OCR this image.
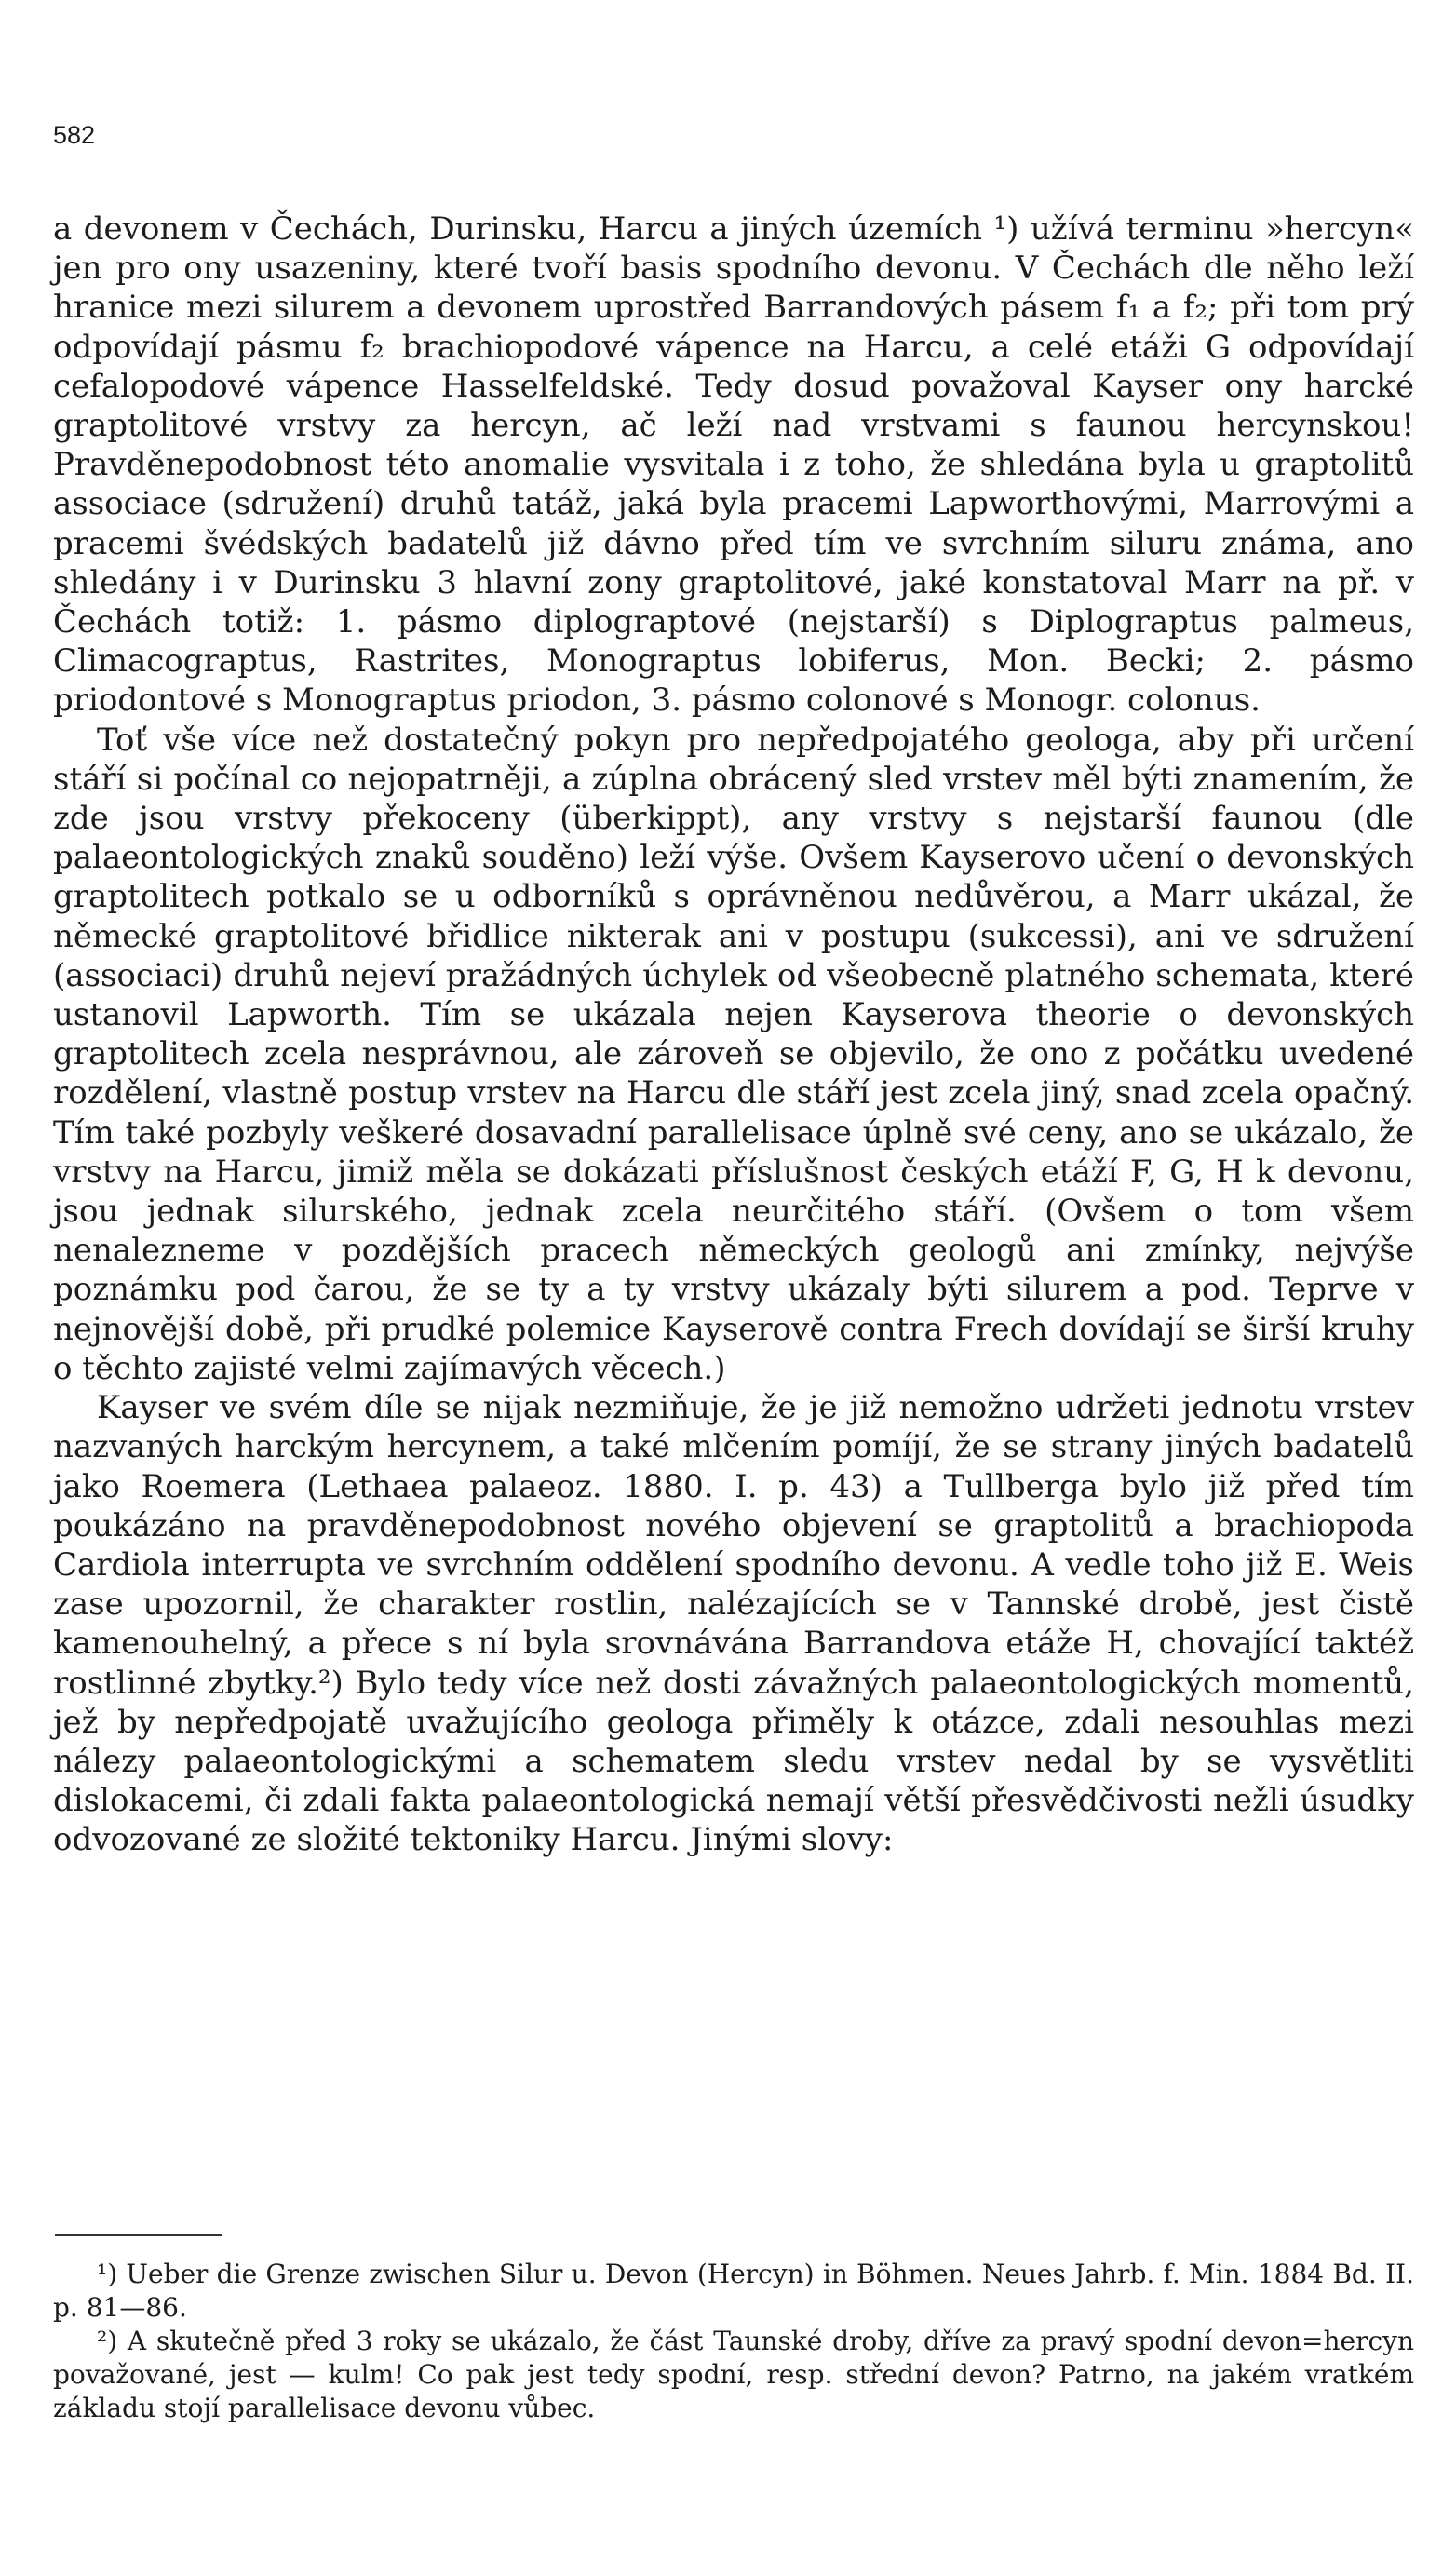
582

a devonem v Čechách, Durinsku, Harcu a jiných územích ¹) užívá terminu »hercyn« jen pro ony usazeniny, které tvoří basis spodního devonu. V Čechách dle něho leží hranice mezi silurem a devonem uprostřed Barrandových pásem f₁ a f₂; při tom prý odpovídají pásmu f₂ brachiopodové vápence na Harcu, a celé etáži G odpovídají cefalopodové vápence Hasselfeldské. Tedy dosud považoval Kayser ony harcké graptolitové vrstvy za hercyn, ač leží nad vrstvami s faunou hercynskou! Pravděnepodobnost této anomalie vysvitala i z toho, že shledána byla u graptolitů associace (sdružení) druhů tatáž, jaká byla pracemi Lapworthovými, Marrovými a pracemi švédských badatelů již dávno před tím ve svrchním siluru známa, ano shledány i v Durinsku 3 hlavní zony graptolitové, jaké konstatoval Marr na př. v Čechách totiž: 1. pásmo diplograptové (nejstarší) s Diplograptus palmeus, Climacograptus, Rastrites, Monograptus lobiferus, Mon. Becki; 2. pásmo priodontové s Monograptus priodon, 3. pásmo colonové s Monogr. colonus.

Toť vše více než dostatečný pokyn pro nepředpojatého geologa, aby při určení stáří si počínal co nejopatrněji, a zúplna obrácený sled vrstev měl býti znamením, že zde jsou vrstvy překoceny (überkippt), any vrstvy s nejstarší faunou (dle palaeontologických znaků souděno) leží výše. Ovšem Kayserovo učení o devonských graptolitech potkalo se u odborníků s oprávněnou nedůvěrou, a Marr ukázal, že německé graptolitové břidlice nikterak ani v postupu (sukcessi), ani ve sdružení (associaci) druhů nejeví pražádných úchylek od všeobecně platného schemata, které ustanovil Lapworth. Tím se ukázala nejen Kayserova theorie o devonských graptolitech zcela nesprávnou, ale zároveň se objevilo, že ono z počátku uvedené rozdělení, vlastně postup vrstev na Harcu dle stáří jest zcela jiný, snad zcela opačný. Tím také pozbyly veškeré dosavadní parallelisace úplně své ceny, ano se ukázalo, že vrstvy na Harcu, jimiž měla se dokázati příslušnost českých etáží F, G, H k devonu, jsou jednak silurského, jednak zcela neurčitého stáří. (Ovšem o tom všem nenalezneme v pozdějších pracech německých geologů ani zmínky, nejvýše poznámku pod čarou, že se ty a ty vrstvy ukázaly býti silurem a pod. Teprve v nejnovější době, při prudké polemice Kayserově contra Frech dovídají se širší kruhy o těchto zajisté velmi zajímavých věcech.)

Kayser ve svém díle se nijak nezmiňuje, že je již nemožno udržeti jednotu vrstev nazvaných harckým hercynem, a také mlčením pomíjí, že se strany jiných badatelů jako Roemera (Lethaea palaeoz. 1880. I. p. 43) a Tullberga bylo již před tím poukázáno na pravděnepodobnost nového objevení se graptolitů a brachiopoda Cardiola interrupta ve svrchním oddělení spodního devonu. A vedle toho již E. Weis zase upozornil, že charakter rostlin, nalézajících se v Tannské drobě, jest čistě kamenouhelný, a přece s ní byla srovnávána Barrandova etáže H, chovající taktéž rostlinné zbytky.²) Bylo tedy více než dosti závažných palaeontologických momentů, jež by nepředpojatě uvažujícího geologa přiměly k otázce, zdali nesouhlas mezi nálezy palaeontologickými a schematem sledu vrstev nedal by se vysvětliti dislokacemi, či zdali fakta palaeontologická nemají větší přesvědčivosti nežli úsudky odvozované ze složité tektoniky Harcu. Jinými slovy:

¹) Ueber die Grenze zwischen Silur u. Devon (Hercyn) in Böhmen. Neues Jahrb. f. Min. 1884 Bd. II. p. 81—86.

²) A skutečně před 3 roky se ukázalo, že část Taunské droby, dříve za pravý spodní devon=hercyn považované, jest — kulm! Co pak jest tedy spodní, resp. střední devon? Patrno, na jakém vratkém základu stojí parallelisace devonu vůbec.
